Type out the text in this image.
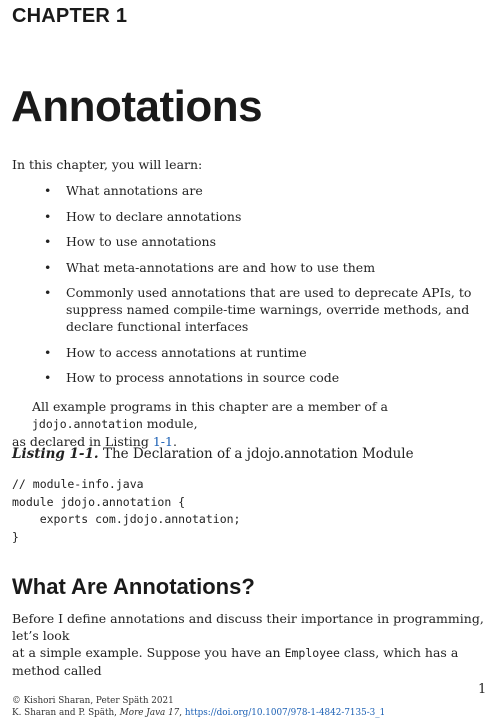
CHAPTER 1
Annotations
In this chapter, you will learn:
• What annotations are
• How to declare annotations
• How to use annotations
• What meta-annotations are and how to use them
• Commonly used annotations that are used to deprecate APIs, to
suppress named compile-time warnings, override methods, and
declare functional interfaces
• How to access annotations at runtime
• How to process annotations in source code
All example programs in this chapter are a member of a jdojo.annotation module,
as declared in Listing 1-1.
Listing 1-1. The Declaration of a jdojo.annotation Module
// module-info.java
module jdojo.annotation {
exports com.jdojo.annotation;
}
What Are Annotations?
Before I define annotations and discuss their importance in programming, let’s look
at a simple example. Suppose you have an Employee class, which has a method called
1
© Kishori Sharan, Peter Späth 2021
K. Sharan and P. Späth, More Java 17, https://doi.org/10.1007/978-1-4842-7135-3_1
